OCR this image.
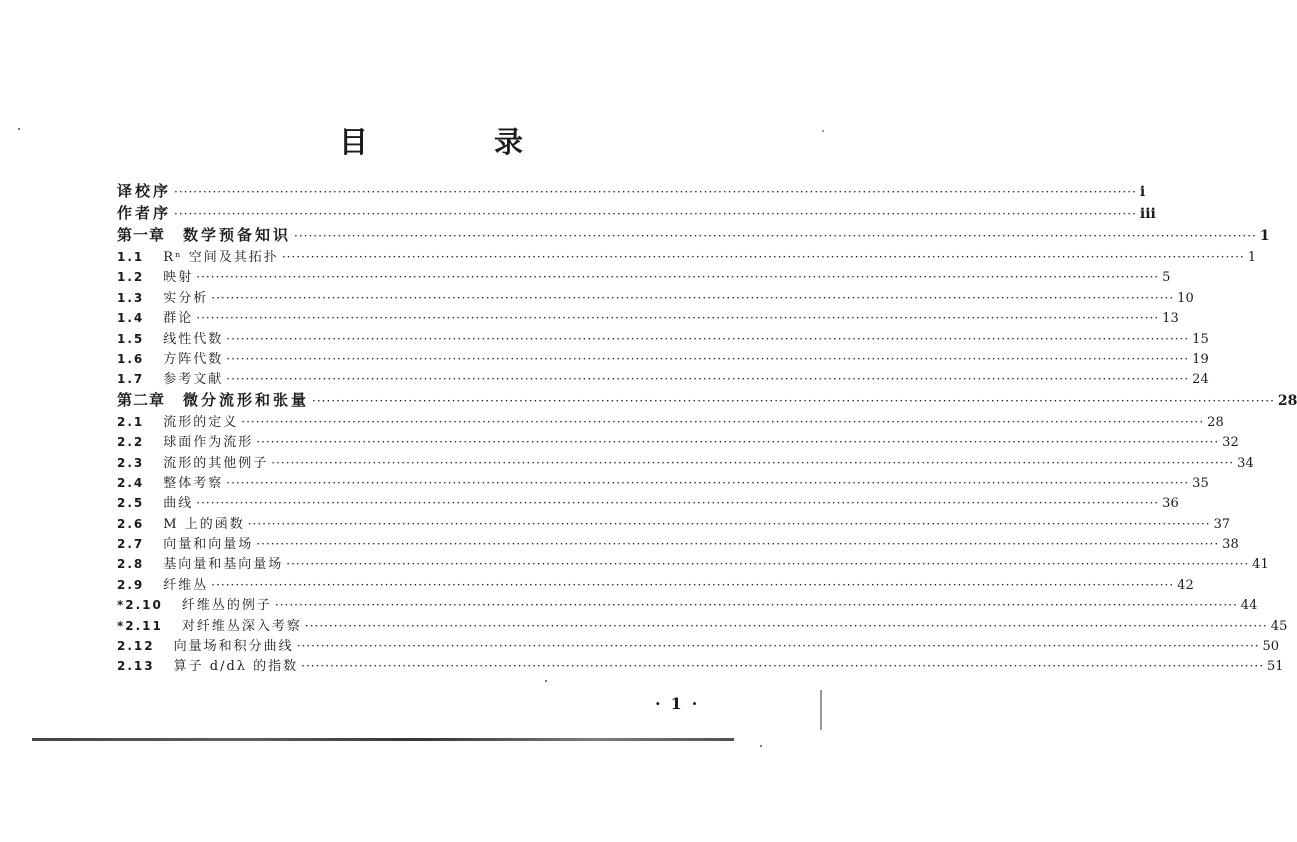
目 录
译校序 ········································································································································································································ i
作者序 ········································································································································································································ iii
第一章 数学预备知识 ········································································································································································································ 1
1.1 Rⁿ 空间及其拓扑 ········································································································································································································ 1
1.2 映射 ········································································································································································································ 5
1.3 实分析 ········································································································································································································ 10
1.4 群论 ········································································································································································································ 13
1.5 线性代数 ········································································································································································································ 15
1.6 方阵代数 ········································································································································································································ 19
1.7 参考文献 ········································································································································································································ 24
第二章 微分流形和张量 ········································································································································································································ 28
2.1 流形的定义 ········································································································································································································ 28
2.2 球面作为流形 ········································································································································································································ 32
2.3 流形的其他例子 ········································································································································································································ 34
2.4 整体考察 ········································································································································································································ 35
2.5 曲线 ········································································································································································································ 36
2.6 M 上的函数 ········································································································································································································ 37
2.7 向量和向量场 ········································································································································································································ 38
2.8 基向量和基向量场 ········································································································································································································ 41
2.9 纤维丛 ········································································································································································································ 42
*2.10 纤维丛的例子 ········································································································································································································ 44
*2.11 对纤维丛深入考察 ········································································································································································································ 45
2.12 向量场和积分曲线 ········································································································································································································ 50
2.13 算子 d/dλ 的指数 ········································································································································································································ 51
·1·
